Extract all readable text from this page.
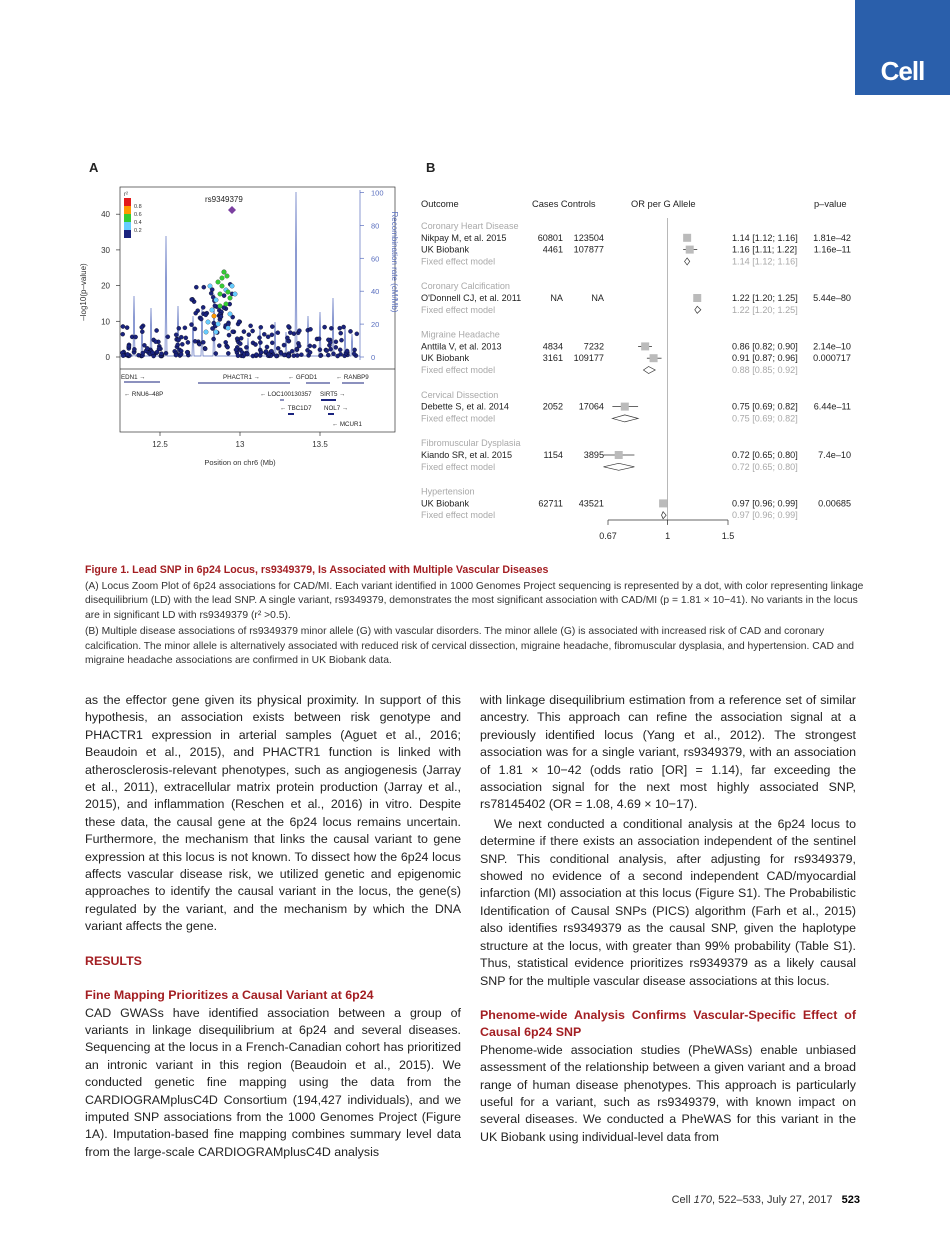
Cell
A	B
0
10
20
30
40
0
20
40
60
80
100
–log10(p–value)	Recombination rate (cM/Mb)
rs9349379
r²
0.8
0.6
0.4
0.2
EDN1 →	PHACTR1 →	← GFOD1	← RANBP9
← RNU6–48P	← LOC100130357 SIRT5 →
← TBC1D7 NOL7 →
← MCUR1
12.5	13	13.5
Position on chr6 (Mb)
Outcome	Cases Controls	OR per G Allele	p–value
Coronary Heart Disease
Nikpay M, et al. 2015	60801 123504	1.14 [1.12; 1.16] 1.81e–42
UK Biobank	4461 107877	1.16 [1.11; 1.22] 1.16e–11
Fixed effect model	1.14 [1.12; 1.16]
Coronary Calcification
O'Donnell CJ, et al. 2011	NA	NA	1.22 [1.20; 1.25] 5.44e–80
Fixed effect model	1.22 [1.20; 1.25]
Migraine Headache
Anttila V, et al. 2013	4834 7232	0.86 [0.82; 0.90] 2.14e–10
UK Biobank	3161 109177	0.91 [0.87; 0.96] 0.000717
Fixed effect model	0.88 [0.85; 0.92]
Cervical Dissection
Debette S, et al. 2014	2052 17064	0.75 [0.69; 0.82] 6.44e–11
Fixed effect model	0.75 [0.69; 0.82]
Fibromuscular Dysplasia
Kiando SR, et al. 2015	1154 3895	0.72 [0.65; 0.80] 7.4e–10
Fixed effect model	0.72 [0.65; 0.80]
Hypertension
UK Biobank	62711 43521	0.97 [0.96; 0.99] 0.00685
Fixed effect model	0.97 [0.96; 0.99]
0.67	1	1.5

Figure 1. Lead SNP in 6p24 Locus, rs9349379, Is Associated with Multiple Vascular Diseases

(A) Locus Zoom Plot of 6p24 associations for CAD/MI. Each variant identified in 1000 Genomes Project sequencing is represented by a dot, with color representing linkage disequilibrium (LD) with the lead SNP. A single variant, rs9349379, demonstrates the most significant association with CAD/MI (p = 1.81 × 10−41). No variants in the locus are in significant LD with rs9349379 (r² >0.5).

(B) Multiple disease associations of rs9349379 minor allele (G) with vascular disorders. The minor allele (G) is associated with increased risk of CAD and coronary calcification. The minor allele is alternatively associated with reduced risk of cervical dissection, migraine headache, fibromuscular dysplasia, and hypertension. CAD and migraine headache associations are confirmed in UK Biobank data.

as the effector gene given its physical proximity. In support of this hypothesis, an association exists between risk genotype and PHACTR1 expression in arterial samples (Aguet et al., 2016; Beaudoin et al., 2015), and PHACTR1 function is linked with atherosclerosis-relevant phenotypes, such as angiogenesis (Jarray et al., 2011), extracellular matrix protein production (Jarray et al., 2015), and inflammation (Reschen et al., 2016) in vitro. Despite these data, the causal gene at the 6p24 locus remains uncertain. Furthermore, the mechanism that links the causal variant to gene expression at this locus is not known. To dissect how the 6p24 locus affects vascular disease risk, we utilized genetic and epigenomic approaches to identify the causal variant in the locus, the gene(s) regulated by the variant, and the mechanism by which the DNA variant affects the gene.

RESULTS

Fine Mapping Prioritizes a Causal Variant at 6p24

CAD GWASs have identified association between a group of variants in linkage disequilibrium at 6p24 and several diseases. Sequencing at the locus in a French-Canadian cohort has prioritized an intronic variant in this region (Beaudoin et al., 2015). We conducted genetic fine mapping using the data from the CARDIOGRAMplusC4D Consortium (194,427 individuals), and we imputed SNP associations from the 1000 Genomes Project (Figure 1A). Imputation-based fine mapping combines summary level data from the large-scale CARDIOGRAMplusC4D analysis

with linkage disequilibrium estimation from a reference set of similar ancestry. This approach can refine the association signal at a previously identified locus (Yang et al., 2012). The strongest association was for a single variant, rs9349379, with an association of 1.81 × 10−42 (odds ratio [OR] = 1.14), far exceeding the association signal for the next most highly associated SNP, rs78145402 (OR = 1.08, 4.69 × 10−17).

We next conducted a conditional analysis at the 6p24 locus to determine if there exists an association independent of the sentinel SNP. This conditional analysis, after adjusting for rs9349379, showed no evidence of a second independent CAD/myocardial infarction (MI) association at this locus (Figure S1). The Probabilistic Identification of Causal SNPs (PICS) algorithm (Farh et al., 2015) also identifies rs9349379 as the causal SNP, given the haplotype structure at the locus, with greater than 99% probability (Table S1). Thus, statistical evidence prioritizes rs9349379 as a likely causal SNP for the multiple vascular disease associations at this locus.

Phenome-wide Analysis Confirms Vascular-Specific Effect of Causal 6p24 SNP

Phenome-wide association studies (PheWASs) enable unbiased assessment of the relationship between a given variant and a broad range of human disease phenotypes. This approach is particularly useful for a variant, such as rs9349379, with known impact on several diseases. We conducted a PheWAS for this variant in the UK Biobank using individual-level data from

Cell 170, 522–533, July 27, 2017 523
